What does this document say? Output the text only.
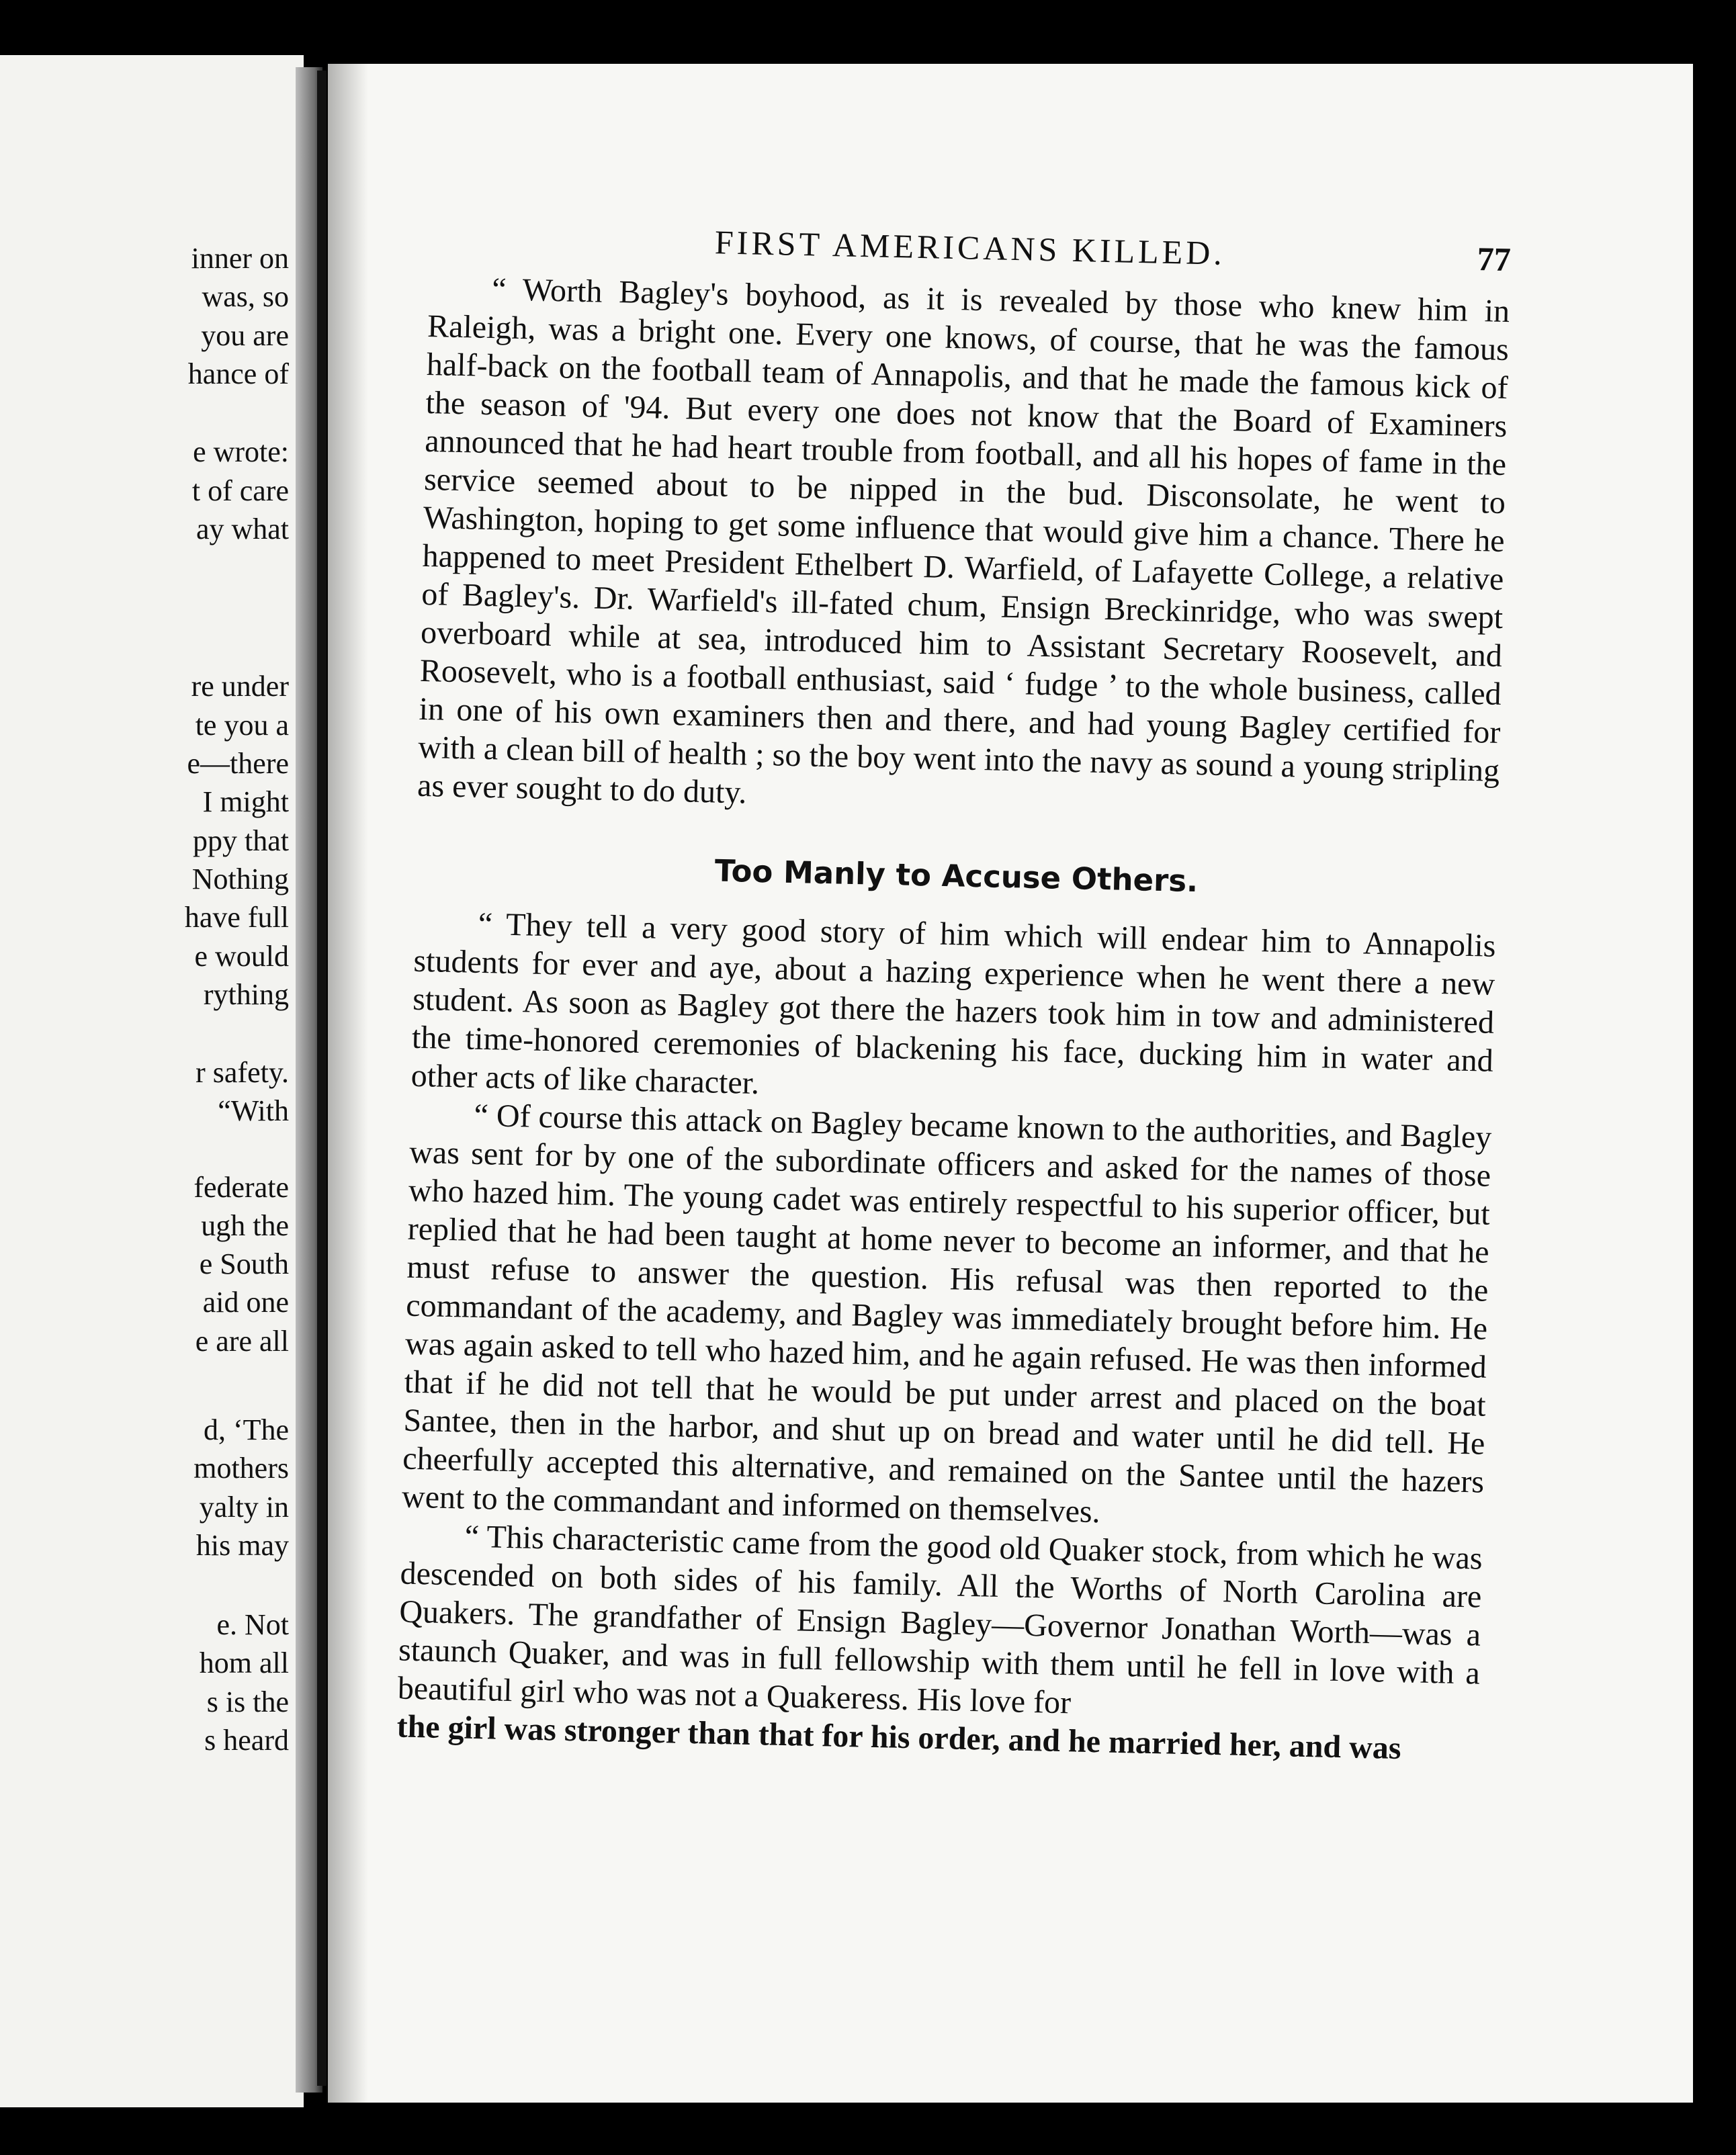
inner on
was, so
you are
hance of
e wrote:
t of care
ay what
re under
te you a
e—there
I might
ppy that
Nothing
have full
e would
rything
r safety.
“With
federate
ugh the
e South
aid one
e are all
d, ‘The
mothers
yalty in
his may
e. Not
hom all
s is the
s heard
FIRST AMERICANS KILLED.	77

“ Worth Bagley's boyhood, as it is revealed by those who knew him in Raleigh, was a bright one. Every one knows, of course, that he was the famous half-back on the football team of Annapolis, and that he made the famous kick of the season of '94. But every one does not know that the Board of Examiners announced that he had heart trouble from football, and all his hopes of fame in the service seemed about to be nipped in the bud. Disconsolate, he went to Washington, hoping to get some influence that would give him a chance. There he happened to meet President Ethelbert D. Warfield, of Lafayette College, a relative of Bagley's. Dr. Warfield's ill-fated chum, Ensign Breckinridge, who was swept overboard while at sea, introduced him to Assistant Secretary Roosevelt, and Roosevelt, who is a football enthusiast, said ‘ fudge ’ to the whole business, called in one of his own examiners then and there, and had young Bagley certified for with a clean bill of health ; so the boy went into the navy as sound a young stripling as ever sought to do duty.

Too Manly to Accuse Others.

“ They tell a very good story of him which will endear him to Annapolis students for ever and aye, about a hazing experience when he went there a new student. As soon as Bagley got there the hazers took him in tow and administered the time-honored ceremonies of blackening his face, ducking him in water and other acts of like character.

“ Of course this attack on Bagley became known to the authorities, and Bagley was sent for by one of the subordinate officers and asked for the names of those who hazed him. The young cadet was entirely respectful to his superior officer, but replied that he had been taught at home never to become an informer, and that he must refuse to answer the question. His refusal was then reported to the commandant of the academy, and Bagley was immediately brought before him. He was again asked to tell who hazed him, and he again refused. He was then informed that if he did not tell that he would be put under arrest and placed on the boat Santee, then in the harbor, and shut up on bread and water until he did tell. He cheerfully accepted this alternative, and remained on the Santee until the hazers went to the commandant and informed on themselves.

“ This characteristic came from the good old Quaker stock, from which he was descended on both sides of his family. All the Worths of North Carolina are Quakers. The grandfather of Ensign Bagley—Governor Jonathan Worth—was a staunch Quaker, and was in full fellowship with them until he fell in love with a beautiful girl who was not a Quakeress. His love for

the girl was stronger than that for his order, and he married her, and was
